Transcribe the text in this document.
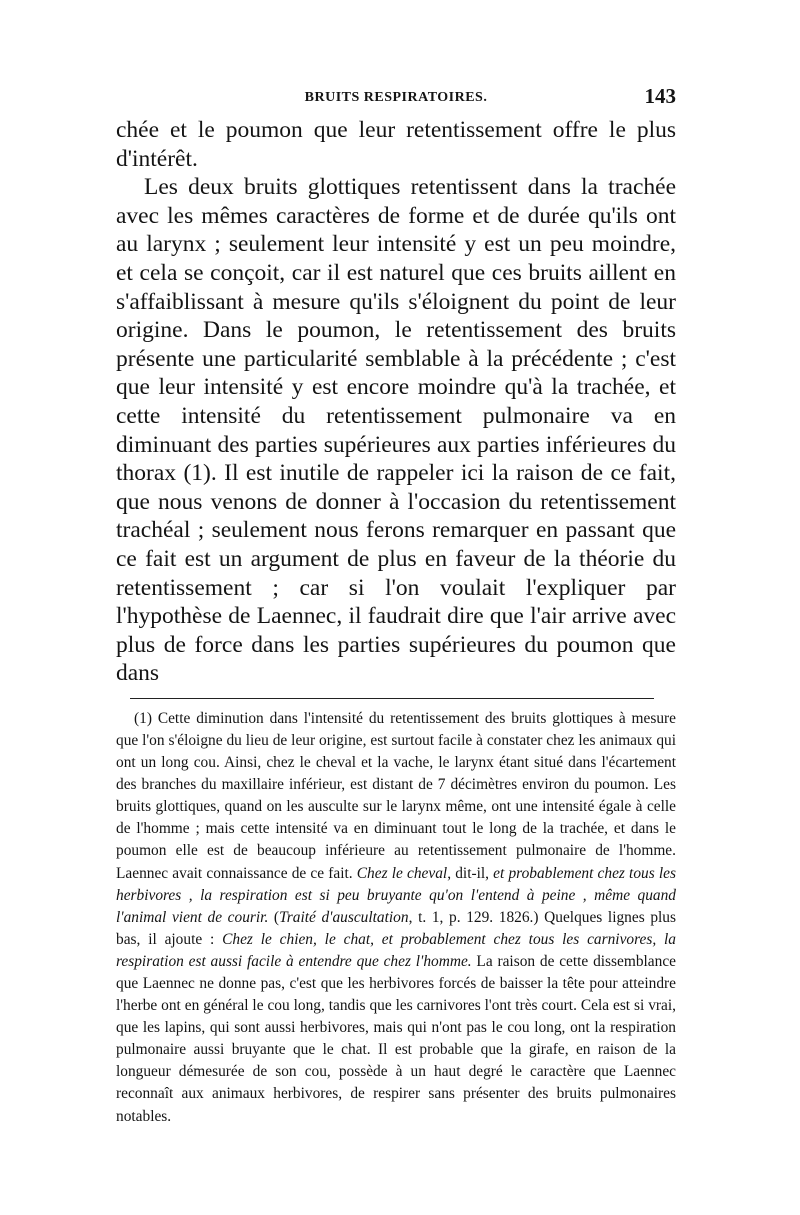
BRUITS RESPIRATOIRES.	143

chée et le poumon que leur retentissement offre le plus d'intérêt.

Les deux bruits glottiques retentissent dans la trachée avec les mêmes caractères de forme et de durée qu'ils ont au larynx ; seulement leur intensité y est un peu moindre, et cela se conçoit, car il est naturel que ces bruits aillent en s'affaiblissant à mesure qu'ils s'éloignent du point de leur origine. Dans le poumon, le retentissement des bruits présente une particularité semblable à la précédente ; c'est que leur intensité y est encore moindre qu'à la trachée, et cette intensité du retentissement pulmonaire va en diminuant des parties supérieures aux parties inférieures du thorax (1). Il est inutile de rappeler ici la raison de ce fait, que nous venons de donner à l'occasion du retentissement trachéal ; seulement nous ferons remarquer en passant que ce fait est un argument de plus en faveur de la théorie du retentissement ; car si l'on voulait l'expliquer par l'hypothèse de Laennec, il faudrait dire que l'air arrive avec plus de force dans les parties supérieures du poumon que dans

(1) Cette diminution dans l'intensité du retentissement des bruits glottiques à mesure que l'on s'éloigne du lieu de leur origine, est surtout facile à constater chez les animaux qui ont un long cou. Ainsi, chez le cheval et la vache, le larynx étant situé dans l'écartement des branches du maxillaire inférieur, est distant de 7 décimètres environ du poumon. Les bruits glottiques, quand on les ausculte sur le larynx même, ont une intensité égale à celle de l'homme ; mais cette intensité va en diminuant tout le long de la trachée, et dans le poumon elle est de beaucoup inférieure au retentissement pulmonaire de l'homme. Laennec avait connaissance de ce fait. Chez le cheval, dit-il, et probablement chez tous les herbivores , la respiration est si peu bruyante qu'on l'entend à peine , même quand l'animal vient de courir. (Traité d'auscultation, t. 1, p. 129. 1826.) Quelques lignes plus bas, il ajoute : Chez le chien, le chat, et probablement chez tous les carnivores, la respiration est aussi facile à entendre que chez l'homme. La raison de cette dissemblance que Laennec ne donne pas, c'est que les herbivores forcés de baisser la tête pour atteindre l'herbe ont en général le cou long, tandis que les carnivores l'ont très court. Cela est si vrai, que les lapins, qui sont aussi herbivores, mais qui n'ont pas le cou long, ont la respiration pulmonaire aussi bruyante que le chat. Il est probable que la girafe, en raison de la longueur démesurée de son cou, possède à un haut degré le caractère que Laennec reconnaît aux animaux herbivores, de respirer sans présenter des bruits pulmonaires notables.
